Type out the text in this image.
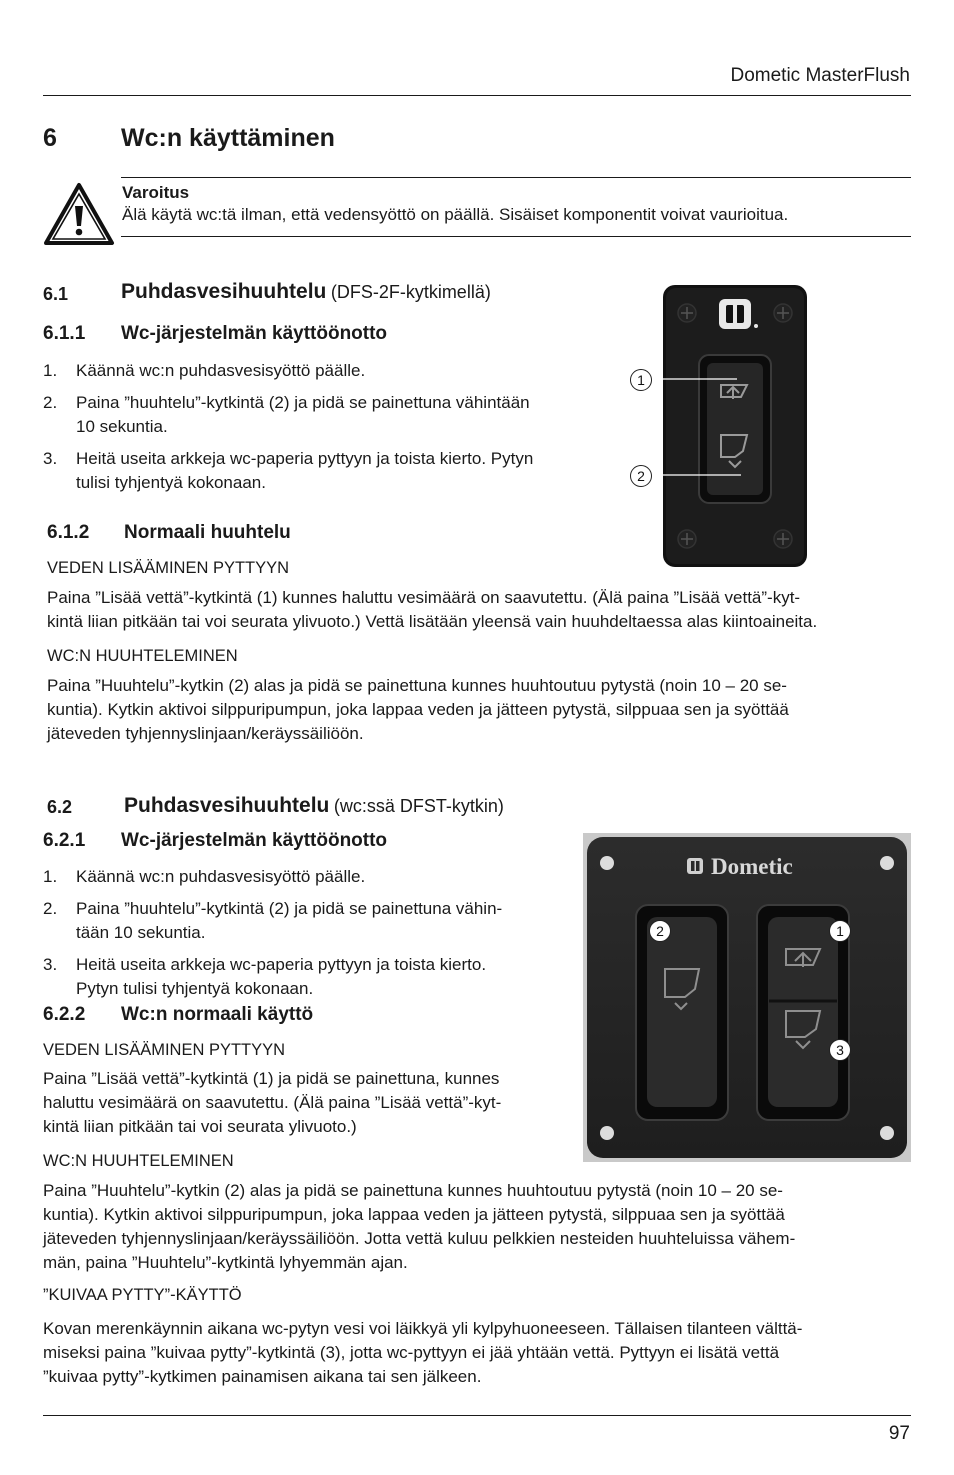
Dometic MasterFlush
6	Wc:n käyttäminen
Varoitus
Älä käytä wc:tä ilman, että vedensyöttö on päällä. Sisäiset komponentit voivat vaurioitua.
6.1	Puhdasvesihuuhtelu (DFS-2F-kytkimellä)
6.1.1 Wc-järjestelmän käyttöönotto
1. Käännä wc:n puhdasvesisyöttö päälle.
2. Paina ”huuhtelu”-kytkintä (2) ja pidä se painettuna vähintään
10 sekuntia.
3. Heitä useita arkkeja wc-paperia pyttyyn ja toista kierto. Pytyn
tulisi tyhjentyä kokonaan.
6.1.2 Normaali huuhtelu
VEDEN LISÄÄMINEN PYTTYYN
Paina ”Lisää vettä”-kytkintä (1) kunnes haluttu vesimäärä on saavutettu. (Älä paina ”Lisää vettä”-kyt-
kintä liian pitkään tai voi seurata ylivuoto.) Vettä lisätään yleensä vain huuhdeltaessa alas kiintoaineita.
WC:N HUUHTELEMINEN
Paina ”Huuhtelu”-kytkin (2) alas ja pidä se painettuna kunnes huuhtoutuu pytystä (noin 10 – 20 se-
kuntia). Kytkin aktivoi silppuripumpun, joka lappaa veden ja jätteen pytystä, silppuaa sen ja syöttää
jäteveden tyhjennyslinjaan/keräyssäiliöön.
1
2
6.2 Puhdasvesihuuhtelu (wc:ssä DFST-kytkin)
6.2.1 Wc-järjestelmän käyttöönotto
1. Käännä wc:n puhdasvesisyöttö päälle.
2. Paina ”huuhtelu”-kytkintä (2) ja pidä se painettuna vähin-
tään 10 sekuntia.
3. Heitä useita arkkeja wc-paperia pyttyyn ja toista kierto.
Pytyn tulisi tyhjentyä kokonaan.
6.2.2 Wc:n normaali käyttö
VEDEN LISÄÄMINEN PYTTYYN
Paina ”Lisää vettä”-kytkintä (1) ja pidä se painettuna, kunnes
haluttu vesimäärä on saavutettu. (Älä paina ”Lisää vettä”-kyt-
kintä liian pitkään tai voi seurata ylivuoto.)
WC:N HUUHTELEMINEN
Paina ”Huuhtelu”-kytkin (2) alas ja pidä se painettuna kunnes huuhtoutuu pytystä (noin 10 – 20 se-
kuntia). Kytkin aktivoi silppuripumpun, joka lappaa veden ja jätteen pytystä, silppuaa sen ja syöttää
jäteveden tyhjennyslinjaan/keräyssäiliöön. Jotta vettä kuluu pelkkien nesteiden huuhteluissa vähem-
män, paina ”Huuhtelu”-kytkintä lyhyemmän ajan.
”KUIVAA PYTTY”-KÄYTTÖ
Kovan merenkäynnin aikana wc-pytyn vesi voi läikkyä yli kylpyhuoneeseen. Tällaisen tilanteen välttä-
miseksi paina ”kuivaa pytty”-kytkintä (3), jotta wc-pyttyyn ei jää yhtään vettä. Pyttyyn ei lisätä vettä
”kuivaa pytty”-kytkimen painamisen aikana tai sen jälkeen.
Dometic
2	1
3
97
